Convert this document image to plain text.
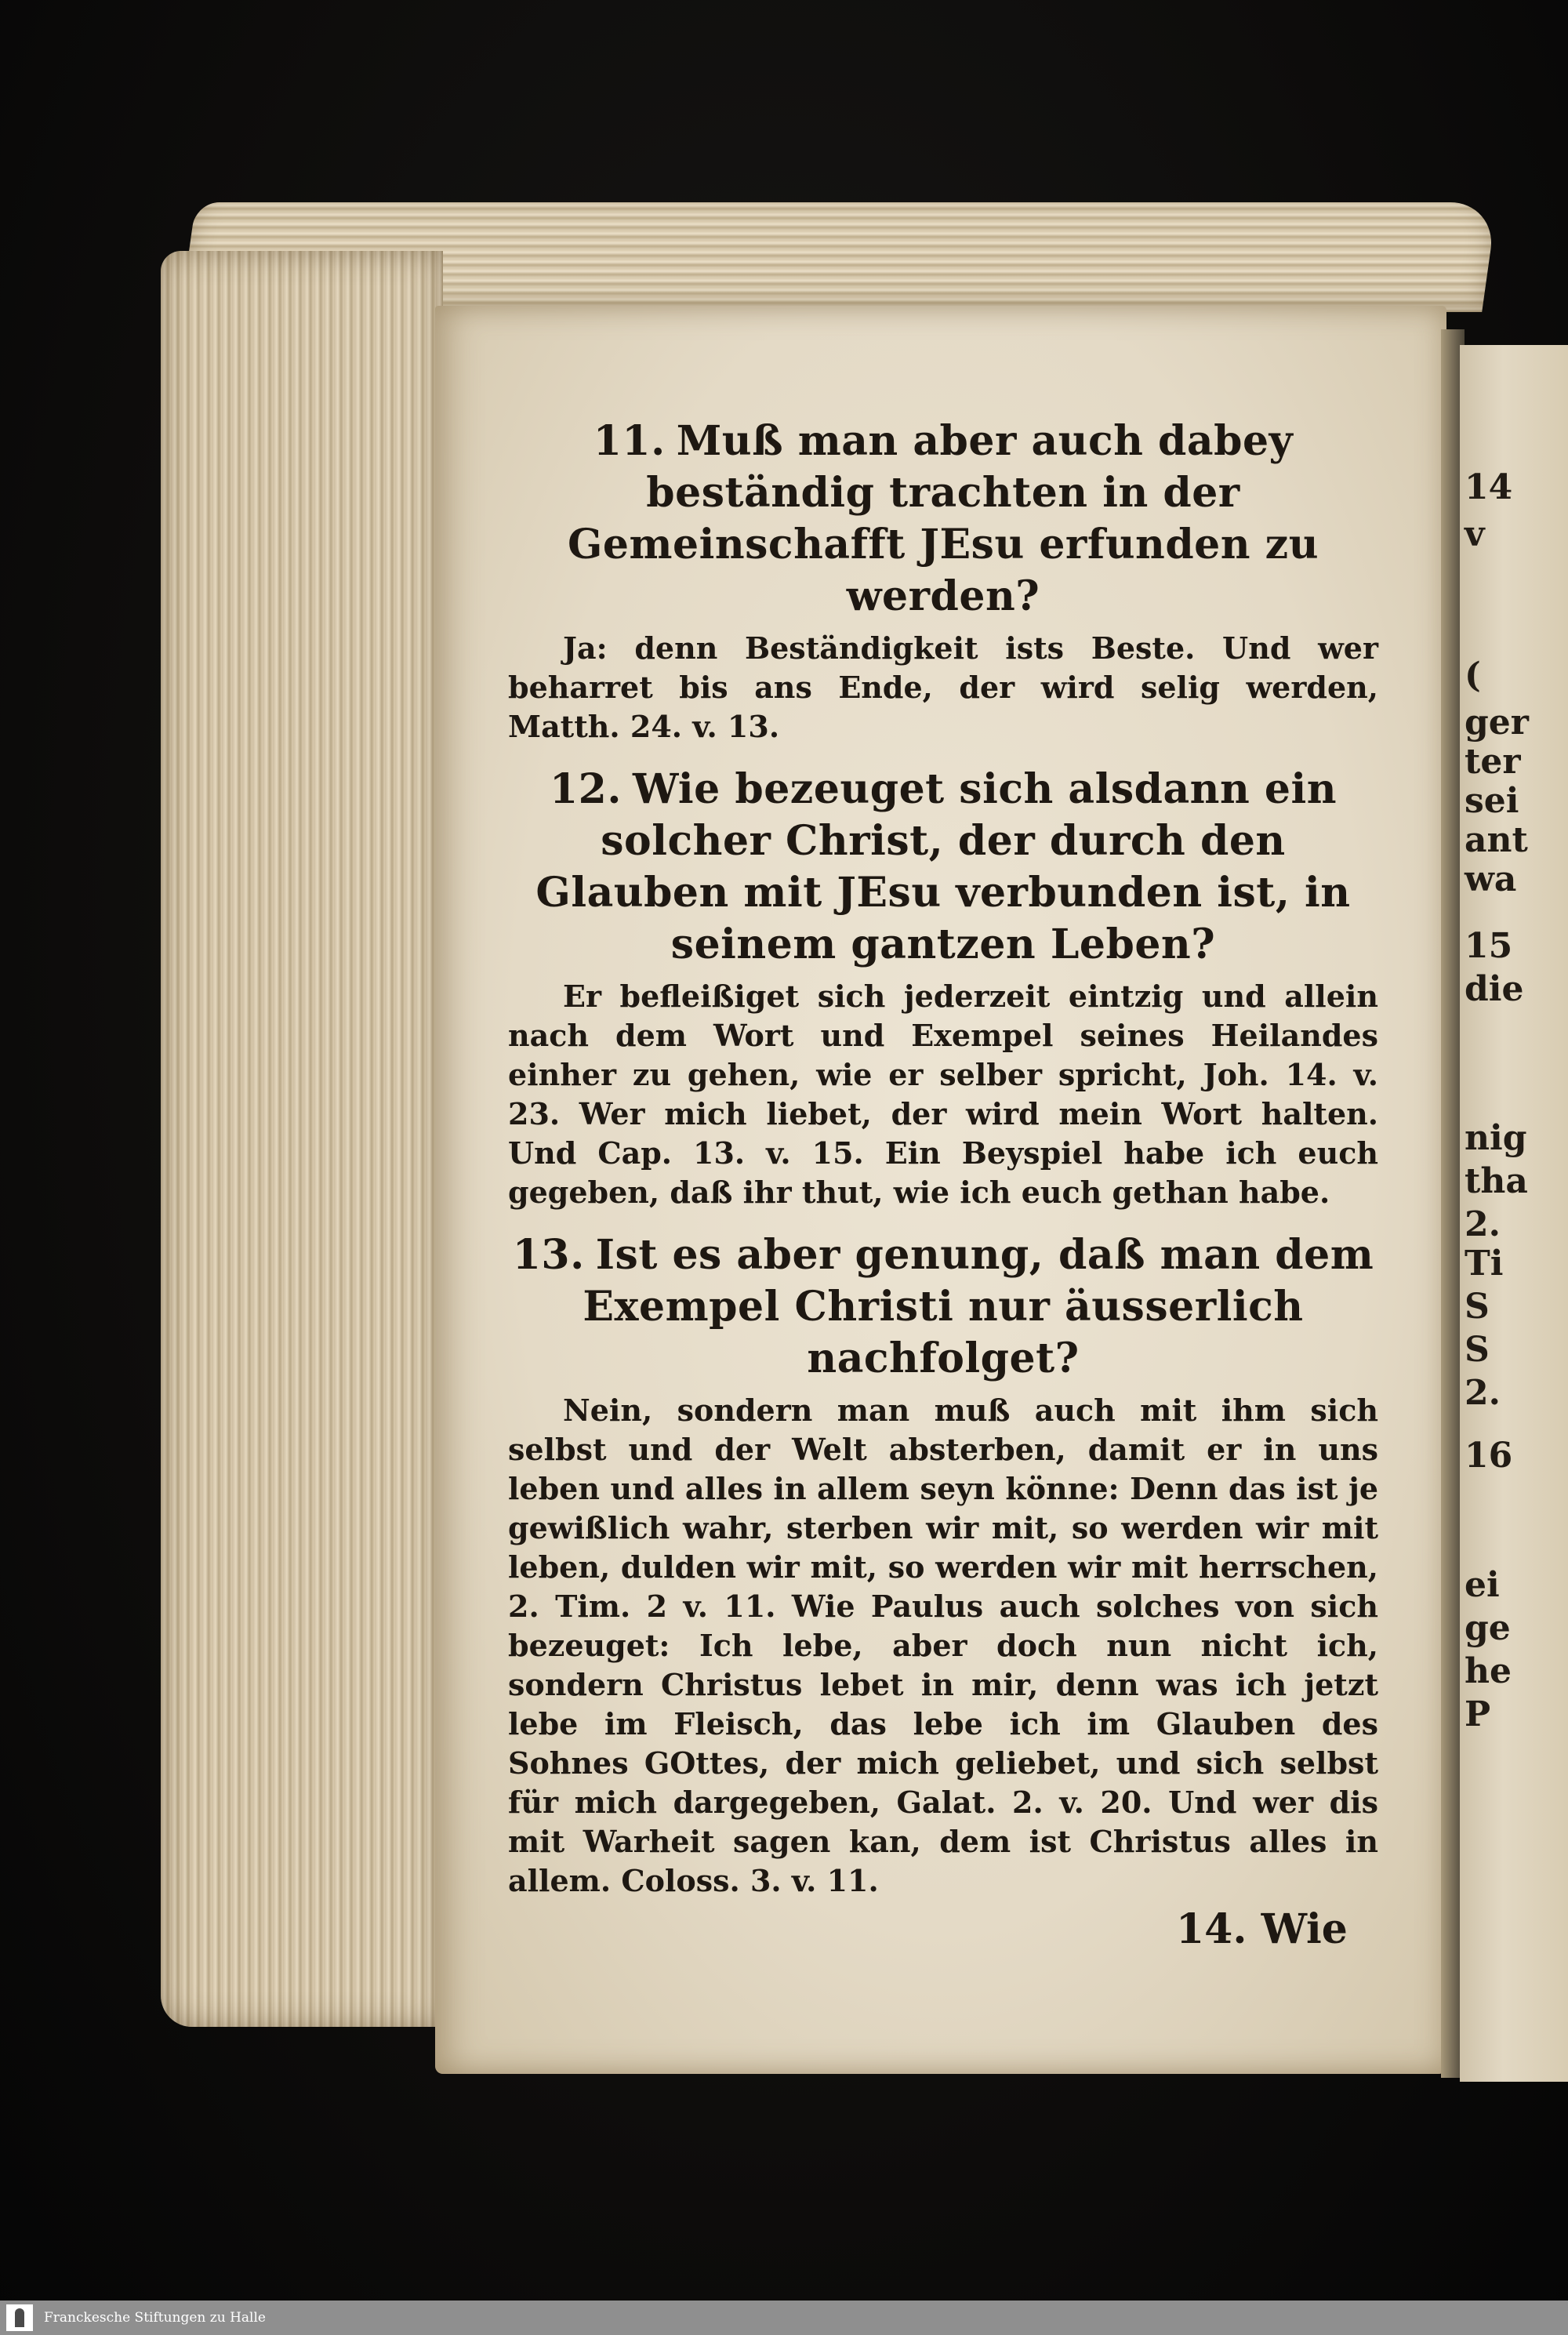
14
v
(
ger
ter
sei
ant
wa
15
die
nig
tha
2.
Ti
S
S
2.
16
ei
ge
he
P
11. Muß man aber auch dabey beständig trachten in der Gemeinschafft JEsu erfunden zu werden?

Ja: denn Beständigkeit ists Beste. Und wer beharret bis ans Ende, der wird selig werden, Matth. 24. v. 13.

12. Wie bezeuget sich alsdann ein solcher Christ, der durch den Glauben mit JEsu verbunden ist, in seinem gantzen Leben?

Er befleißiget sich jederzeit eintzig und allein nach dem Wort und Exempel seines Heilandes einher zu gehen, wie er selber spricht, Joh. 14. v. 23. Wer mich liebet, der wird mein Wort halten. Und Cap. 13. v. 15. Ein Beyspiel habe ich euch gegeben, daß ihr thut, wie ich euch gethan habe.

13. Ist es aber genung, daß man dem Exempel Christi nur äusserlich nachfolget?

Nein, sondern man muß auch mit ihm sich selbst und der Welt absterben, damit er in uns leben und alles in allem seyn könne: Denn das ist je gewißlich wahr, sterben wir mit, so werden wir mit leben, dulden wir mit, so werden wir mit herrschen, 2. Tim. 2 v. 11. Wie Paulus auch solches von sich bezeuget: Ich lebe, aber doch nun nicht ich, sondern Christus lebet in mir, denn was ich jetzt lebe im Fleisch, das lebe ich im Glauben des Sohnes GOttes, der mich geliebet, und sich selbst für mich dargegeben, Galat. 2. v. 20. Und wer dis mit Warheit sagen kan, dem ist Christus alles in allem. Coloss. 3. v. 11.

14. Wie
Franckesche Stiftungen zu Halle
